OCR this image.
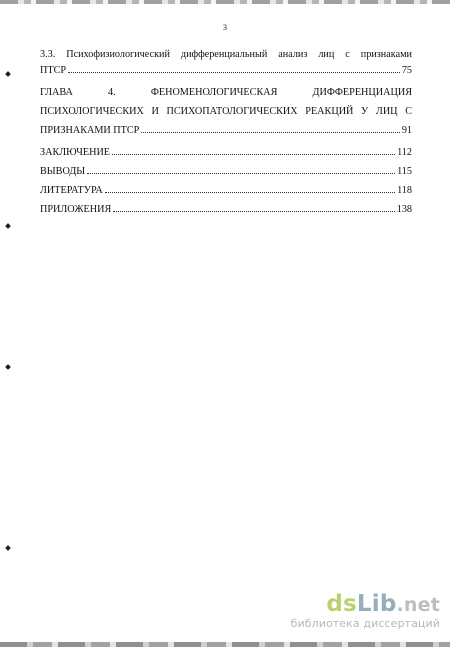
3
3.3. Психофизиологический дифференциальный анализ лиц с признаками
ПТСР	75
ГЛАВА 4. ФЕНОМЕНОЛОГИЧЕСКАЯ ДИФФЕРЕНЦИАЦИЯ
ПСИХОЛОГИЧЕСКИХ И ПСИХОПАТОЛОГИЧЕСКИХ РЕАКЦИЙ У ЛИЦ С
ПРИЗНАКАМИ ПТСР	91
ЗАКЛЮЧЕНИЕ	112
ВЫВОДЫ	115
ЛИТЕРАТУРА	118
ПРИЛОЖЕНИЯ	138
dsLib.net
библиотека диссертаций
